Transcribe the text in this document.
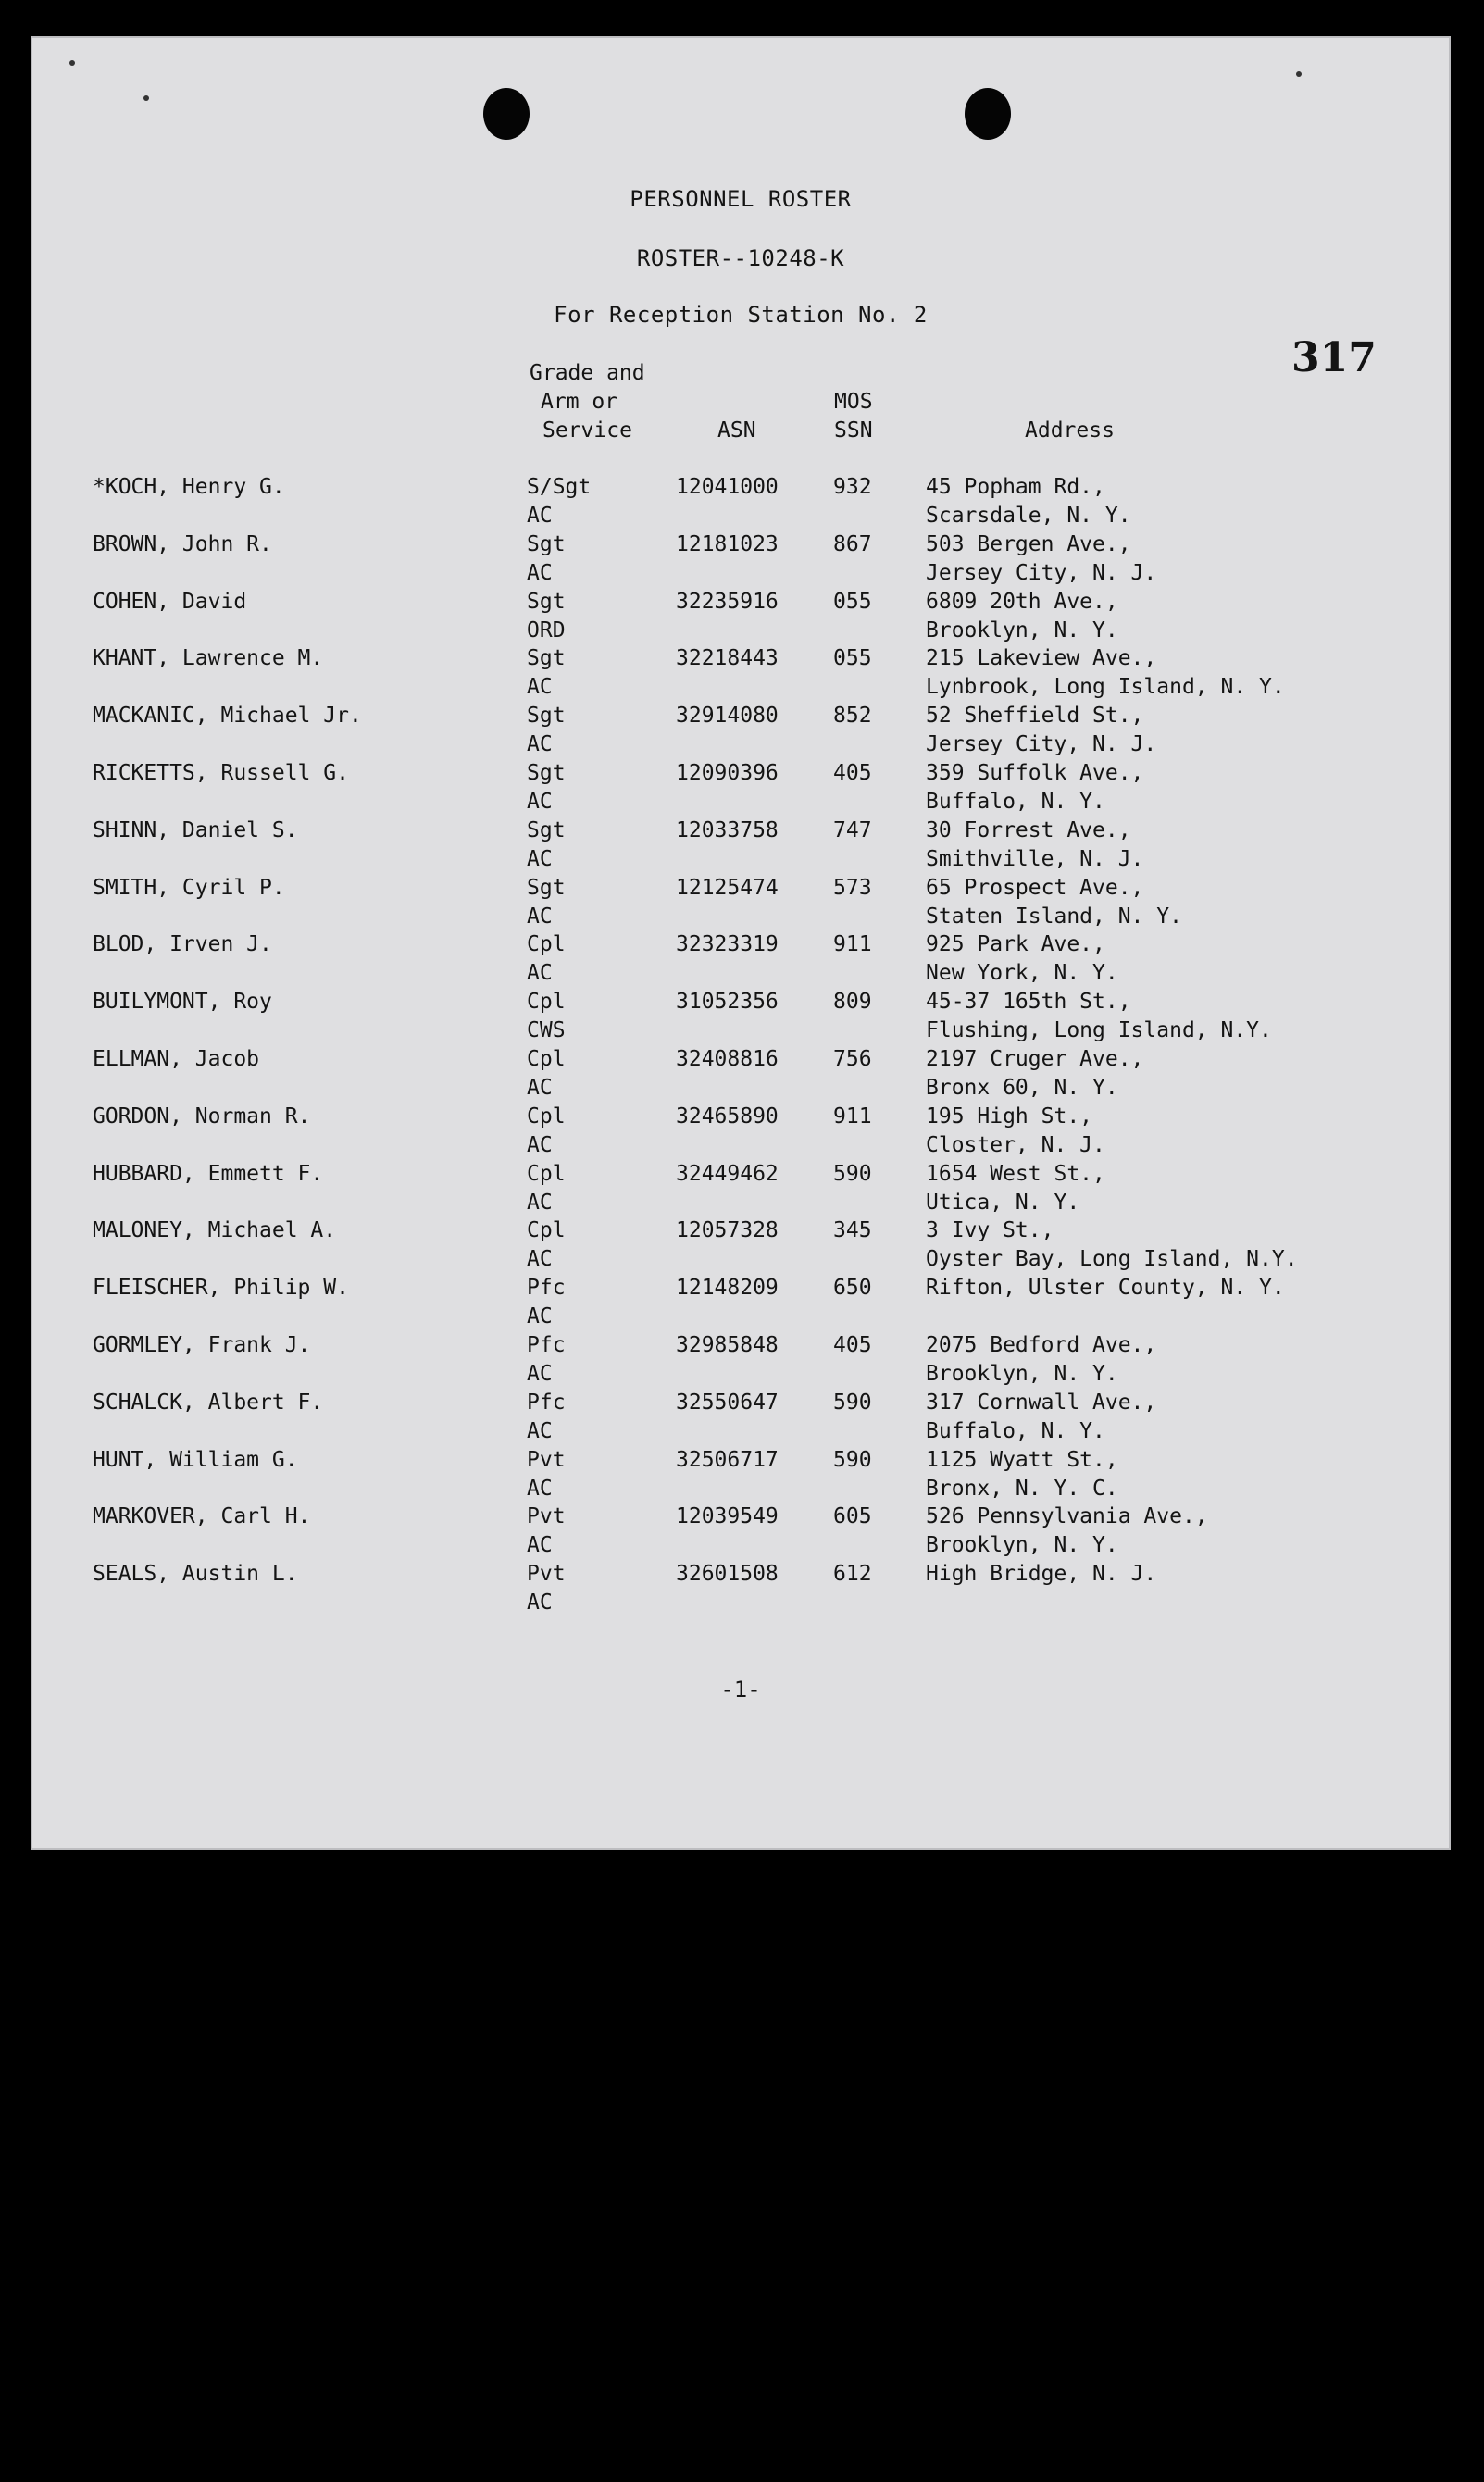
PERSONNEL ROSTER
ROSTER--10248-K
For Reception Station No. 2
317
Grade and
Arm or
Service	ASN
MOS
SSN	Address
*KOCH, Henry G.	S/Sgt	12041000	932	45 Popham Rd.,
AC	Scarsdale, N. Y.
BROWN, John R.	Sgt	12181023	867	503 Bergen Ave.,
AC	Jersey City, N. J.
COHEN, David	Sgt	32235916	055	6809 20th Ave.,
ORD	Brooklyn, N. Y.
KHANT, Lawrence M.	Sgt	32218443	055	215 Lakeview Ave.,
AC	Lynbrook, Long Island, N. Y.
MACKANIC, Michael Jr.	Sgt	32914080	852	52 Sheffield St.,
AC	Jersey City, N. J.
RICKETTS, Russell G.	Sgt	12090396	405	359 Suffolk Ave.,
AC	Buffalo, N. Y.
SHINN, Daniel S.	Sgt	12033758	747	30 Forrest Ave.,
AC	Smithville, N. J.
SMITH, Cyril P.	Sgt	12125474	573	65 Prospect Ave.,
AC	Staten Island, N. Y.
BLOD, Irven J.	Cpl	32323319	911	925 Park Ave.,
AC	New York, N. Y.
BUILYMONT, Roy	Cpl	31052356	809	45-37 165th St.,
CWS	Flushing, Long Island, N.Y.
ELLMAN, Jacob	Cpl	32408816	756	2197 Cruger Ave.,
AC	Bronx 60, N. Y.
GORDON, Norman R.	Cpl	32465890	911	195 High St.,
AC	Closter, N. J.
HUBBARD, Emmett F.	Cpl	32449462	590	1654 West St.,
AC	Utica, N. Y.
MALONEY, Michael A.	Cpl	12057328	345	3 Ivy St.,
AC	Oyster Bay, Long Island, N.Y.
FLEISCHER, Philip W.	Pfc	12148209	650	Rifton, Ulster County, N. Y.
AC
GORMLEY, Frank J.	Pfc	32985848	405	2075 Bedford Ave.,
AC	Brooklyn, N. Y.
SCHALCK, Albert F.	Pfc	32550647	590	317 Cornwall Ave.,
AC	Buffalo, N. Y.
HUNT, William G.	Pvt	32506717	590	1125 Wyatt St.,
AC	Bronx, N. Y. C.
MARKOVER, Carl H.	Pvt	12039549	605	526 Pennsylvania Ave.,
AC	Brooklyn, N. Y.
SEALS, Austin L.	Pvt	32601508	612	High Bridge, N. J.
AC
-1-
